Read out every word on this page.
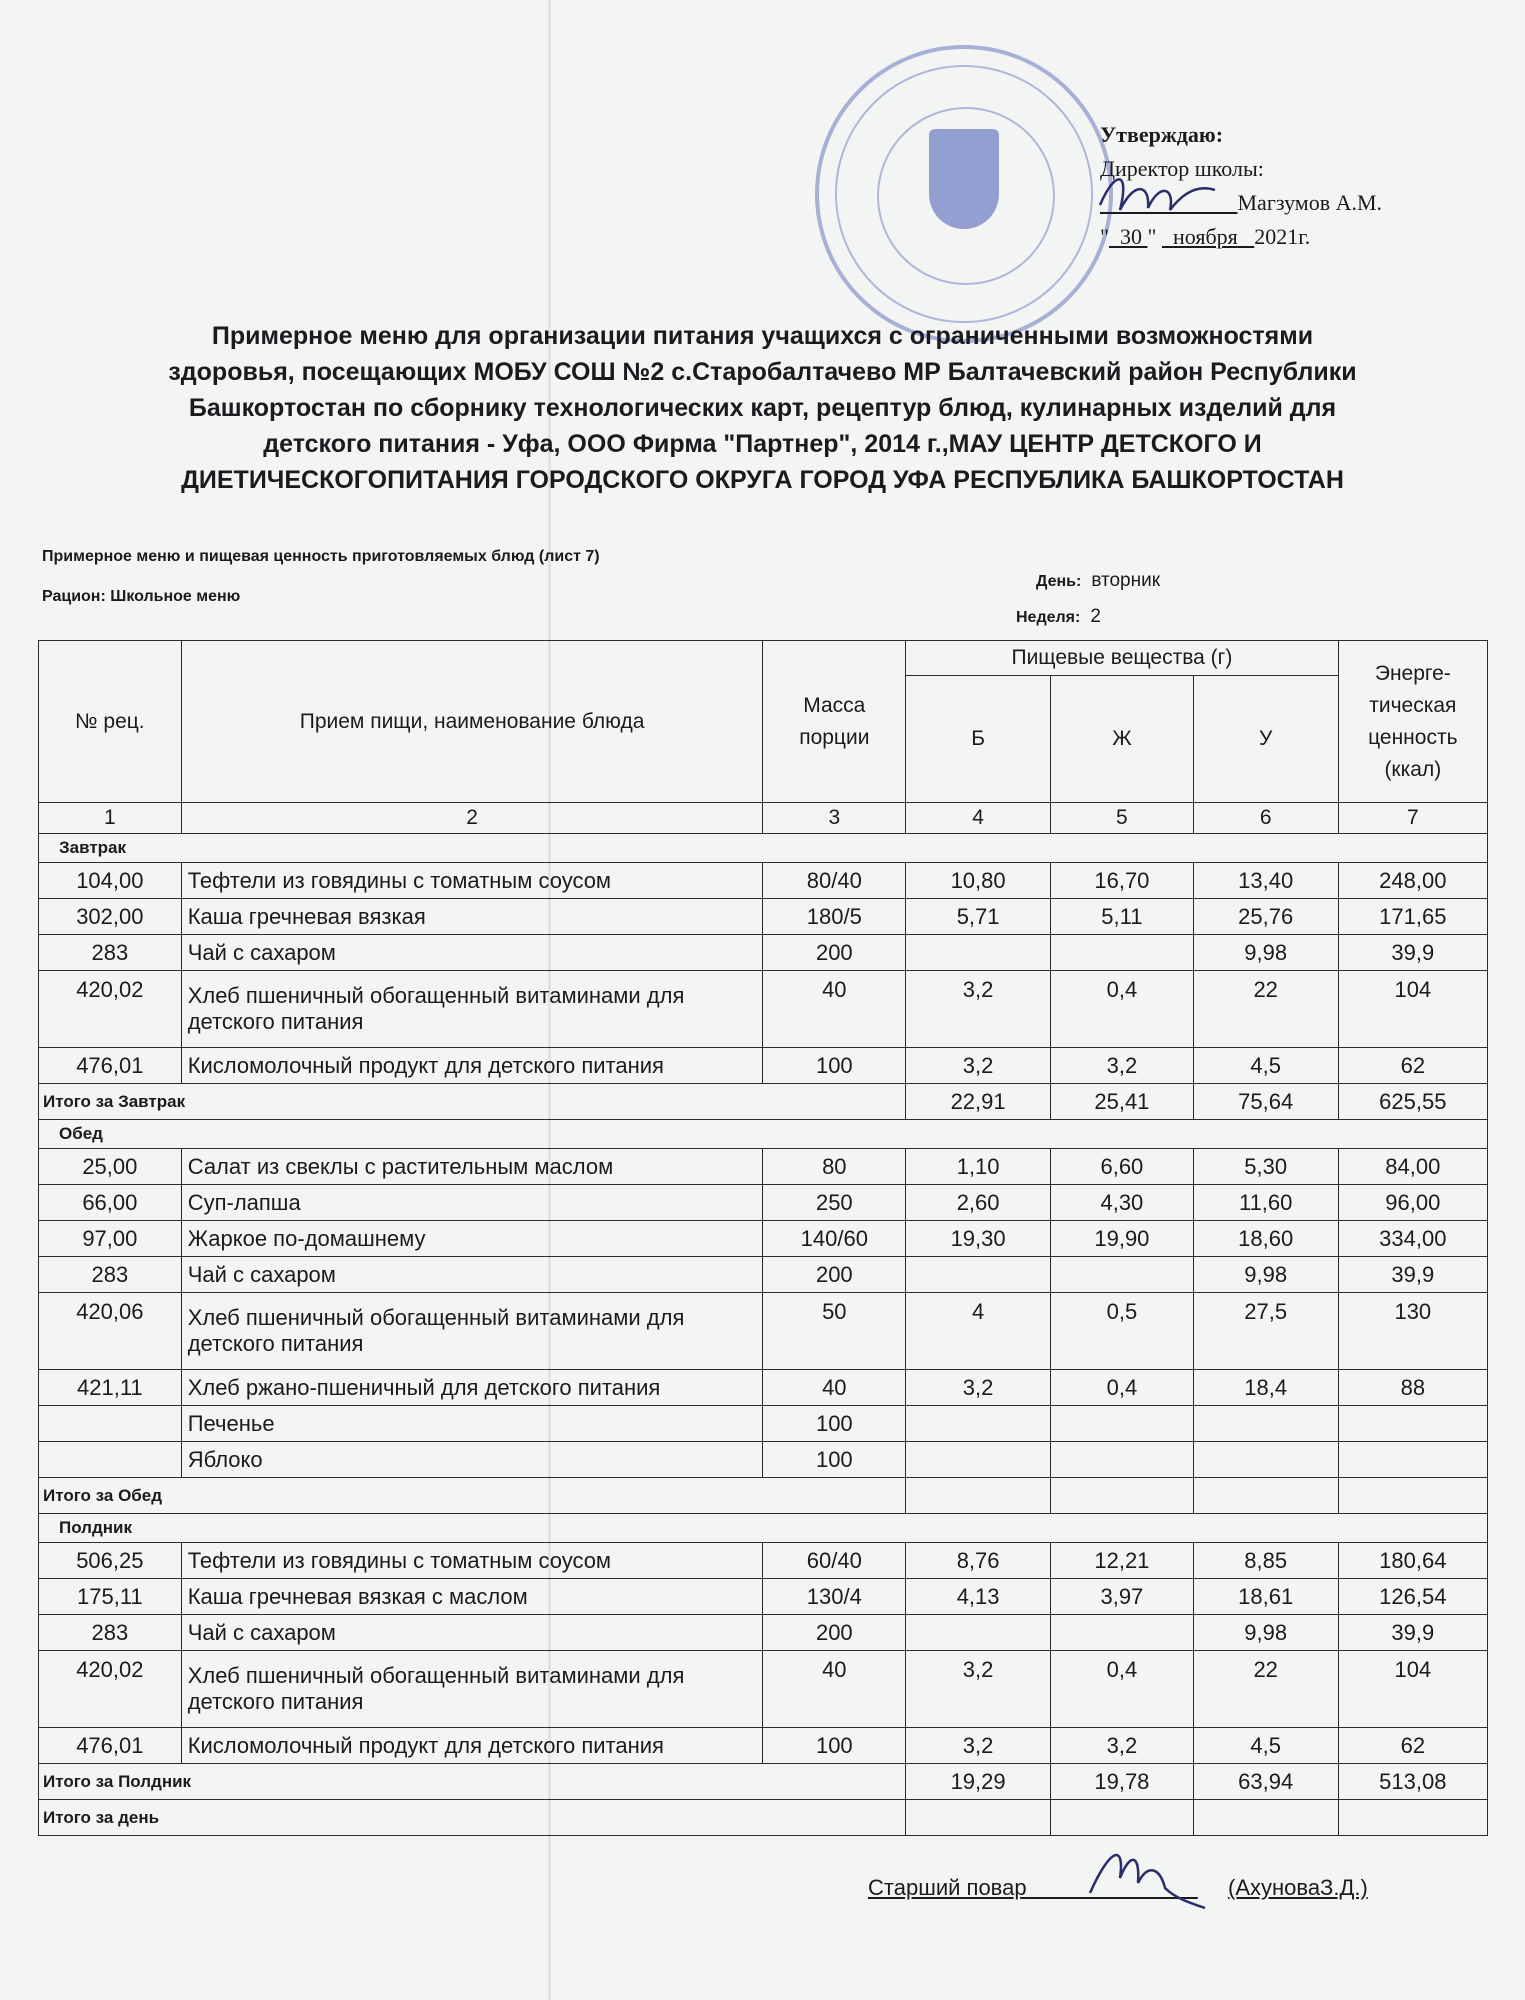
Утверждаю:
Директор школы:
Магзумов А.М.
" 30 "   ноября 2021г.
Примерное меню для организации питания учащихся с ограниченными возможностями
здоровья, посещающих МОБУ СОШ №2 с.Старобалтачево МР Балтачевский район Республики
Башкортостан по сборнику технологических карт, рецептур блюд, кулинарных изделий для
детского питания - Уфа, ООО Фирма "Партнер", 2014 г.,МАУ ЦЕНТР ДЕТСКОГО И
ДИЕТИЧЕСКОГОПИТАНИЯ ГОРОДСКОГО ОКРУГА ГОРОД УФА РЕСПУБЛИКА БАШКОРТОСТАН
Примерное меню и пищевая ценность приготовляемых блюд (лист 7)
Рацион: Школьное меню
День: вторник
Неделя: 2
№ рец.	Прием пищи, наименование блюда	Масса порции	Пищевые вещества (г)			Энерге-тическая ценность (ккал)
			Б	Ж	У	
1	2	3	4	5	6	7
Завтрак						
104,00	Тефтели из говядины с томатным соусом	80/40	10,80	16,70	13,40	248,00
302,00	Каша гречневая вязкая	180/5	5,71	5,11	25,76	171,65
283	Чай с сахаром	200			9,98	39,9
420,02	Хлеб пшеничный обогащенный витаминами для детского питания	40	3,2	0,4	22	104
476,01	Кисломолочный продукт для детского питания	100	3,2	3,2	4,5	62
Итого за Завтрак			22,91	25,41	75,64	625,55
Обед						
25,00	Салат из свеклы с растительным маслом	80	1,10	6,60	5,30	84,00
66,00	Суп-лапша	250	2,60	4,30	11,60	96,00
97,00	Жаркое по-домашнему	140/60	19,30	19,90	18,60	334,00
283	Чай с сахаром	200			9,98	39,9
420,06	Хлеб пшеничный обогащенный витаминами для детского питания	50	4	0,5	27,5	130
421,11	Хлеб ржано-пшеничный для детского питания	40	3,2	0,4	18,4	88
	Печенье	100				
	Яблоко	100				
Итого за Обед						
Полдник						
506,25	Тефтели из говядины с томатным соусом	60/40	8,76	12,21	8,85	180,64
175,11	Каша гречневая вязкая с маслом	130/4	4,13	3,97	18,61	126,54
283	Чай с сахаром	200			9,98	39,9
420,02	Хлеб пшеничный обогащенный витаминами для детского питания	40	3,2	0,4	22	104
476,01	Кисломолочный продукт для детского питания	100	3,2	3,2	4,5	62
Итого за Полдник			19,29	19,78	63,94	513,08
Итого за день						
Старший повар	(АхуноваЗ.Д.)
